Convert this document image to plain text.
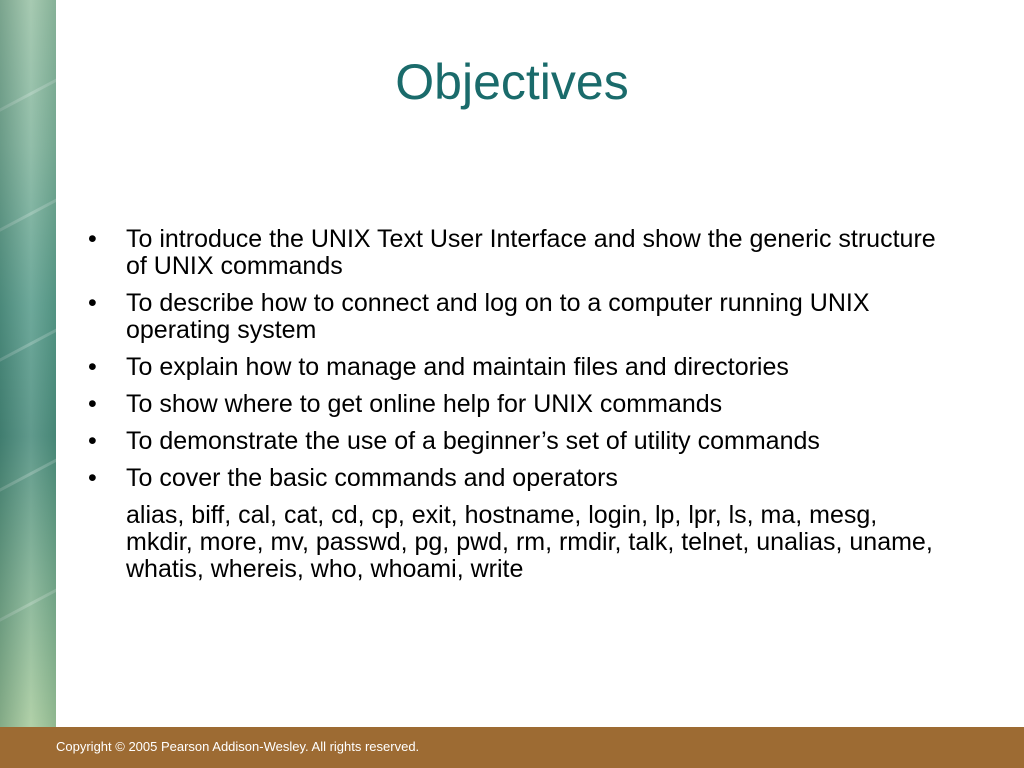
Objectives
• To introduce the UNIX Text User Interface and show the generic structure of UNIX commands
• To describe how to connect and log on to a computer running UNIX operating system
• To explain how to manage and maintain files and directories
• To show where to get online help for UNIX commands
• To demonstrate the use of a beginner’s set of utility commands
• To cover the basic commands and operators
alias, biff, cal, cat, cd, cp, exit, hostname, login, lp, lpr, ls, ma, mesg, mkdir, more, mv, passwd, pg, pwd, rm, rmdir, talk, telnet, unalias, uname, whatis, whereis, who, whoami, write
Copyright © 2005 Pearson Addison-Wesley. All rights reserved.
